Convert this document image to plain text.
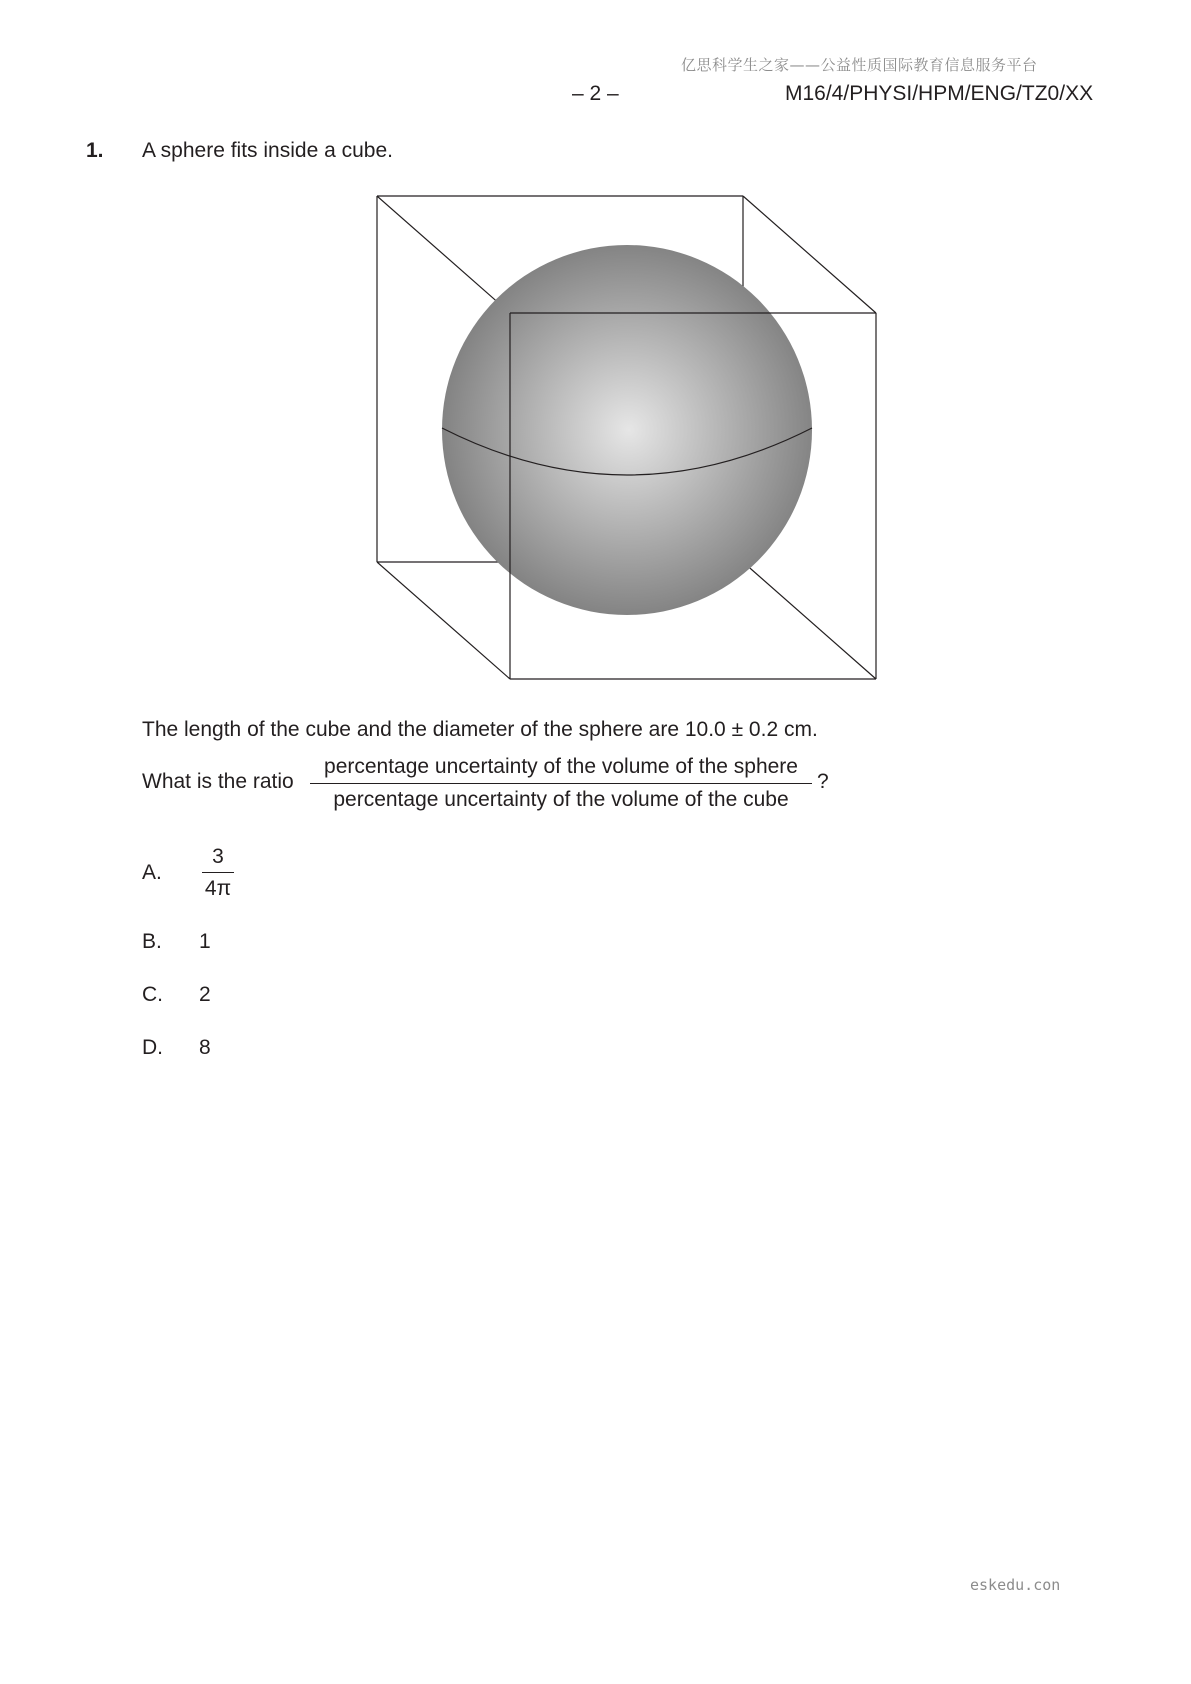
亿思科学生之家——公益性质国际教育信息服务平台
– 2 –	M16/4/PHYSI/HPM/ENG/TZ0/XX
1. A sphere fits inside a cube.
The length of the cube and the diameter of the sphere are 10.0 ± 0.2 cm.
What is the ratio
percentage uncertainty of the volume of the sphere
percentage uncertainty of the volume of the cube
?
A.
3
4π
B. 1
C. 2
D. 8
eskedu.con
